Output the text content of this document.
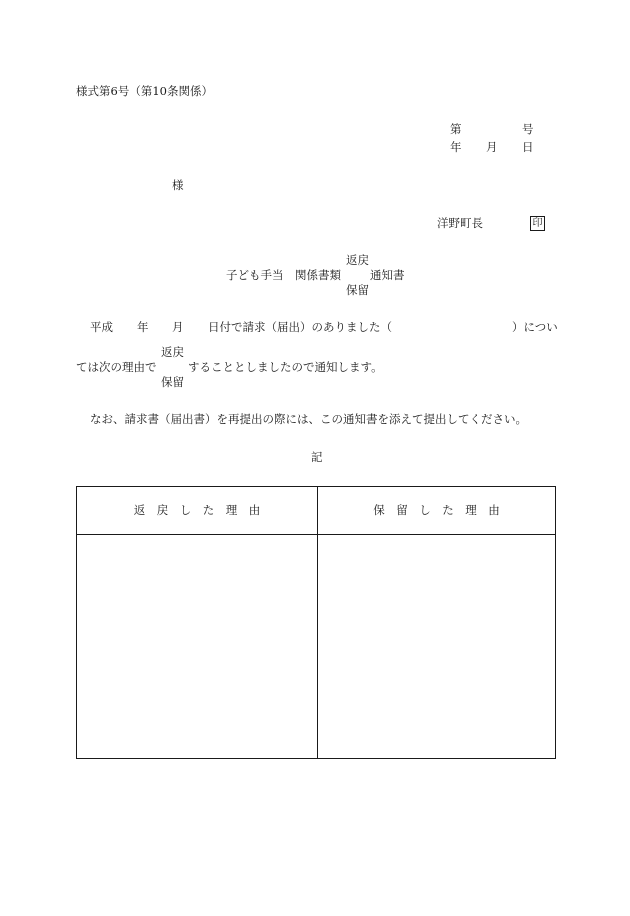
様式第6号（第10条関係）
第	号
年 月 日
様
洋野町長	印
返戻
子ども手当　関係書類	通知書
保留
平成 年 月 日付で請求（届出）のありました（	）につい
返戻
ては次の理由で	することとしましたので通知します。
保留
なお、請求書（届出書）を再提出の際には、この通知書を添えて提出してください。
記
返　戻　し　た　理　由	保　留　し　た　理　由
